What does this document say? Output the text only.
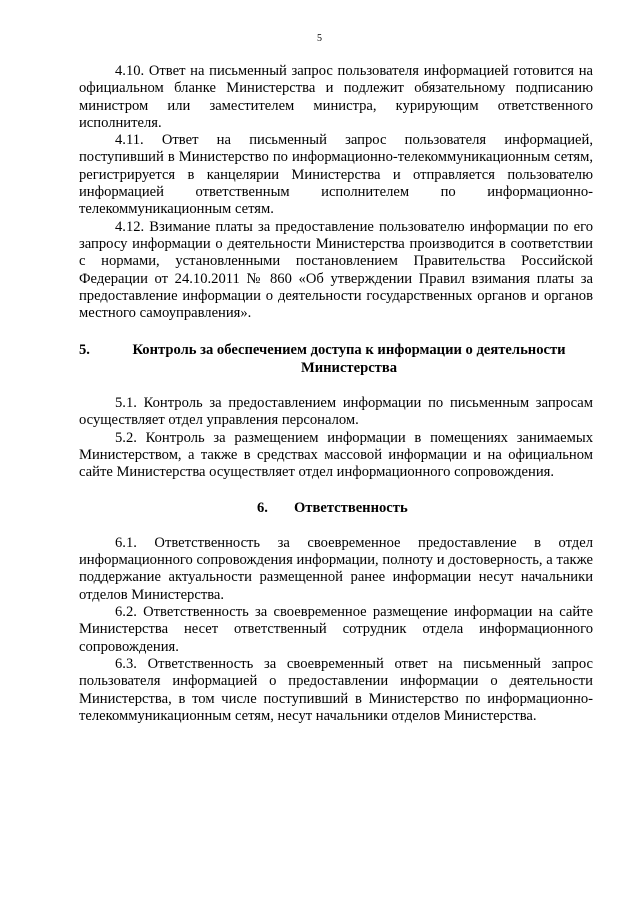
5

4.10. Ответ на письменный запрос пользователя информацией готовится на официальном бланке Министерства и подлежит обязательному подписанию министром или заместителем министра, курирующим ответственного исполнителя.

4.11. Ответ на письменный запрос пользователя информацией, поступивший в Министерство по информационно-телекоммуникационным сетям, регистрируется в канцелярии Министерства и отправляется пользователю информацией ответственным исполнителем по информационно-телекоммуникационным сетям.

4.12. Взимание платы за предоставление пользователю информации по его запросу информации о деятельности Министерства производится в соответствии с нормами, установленными постановлением Правительства Российской Федерации от 24.10.2011 № 860 «Об утверждении Правил взимания платы за предоставление информации о деятельности государственных органов и органов местного самоуправления».

5.	Контроль за обеспечением доступа к информации о деятельности Министерства

5.1. Контроль за предоставлением информации по письменным запросам осуществляет отдел управления персоналом.

5.2. Контроль за размещением информации в помещениях занимаемых Министерством, а также в средствах массовой информации и на официальном сайте Министерства осуществляет отдел информационного сопровождения.

6. Ответственность

6.1. Ответственность за своевременное предоставление в отдел информационного сопровождения информации, полноту и достоверность, а также поддержание актуальности размещенной ранее информации несут начальники отделов Министерства.

6.2. Ответственность за своевременное размещение информации на сайте Министерства несет ответственный сотрудник отдела информационного сопровождения.

6.3. Ответственность за своевременный ответ на письменный запрос пользователя информацией о предоставлении информации о деятельности Министерства, в том числе поступивший в Министерство по информационно-телекоммуникационным сетям, несут начальники отделов Министерства.
